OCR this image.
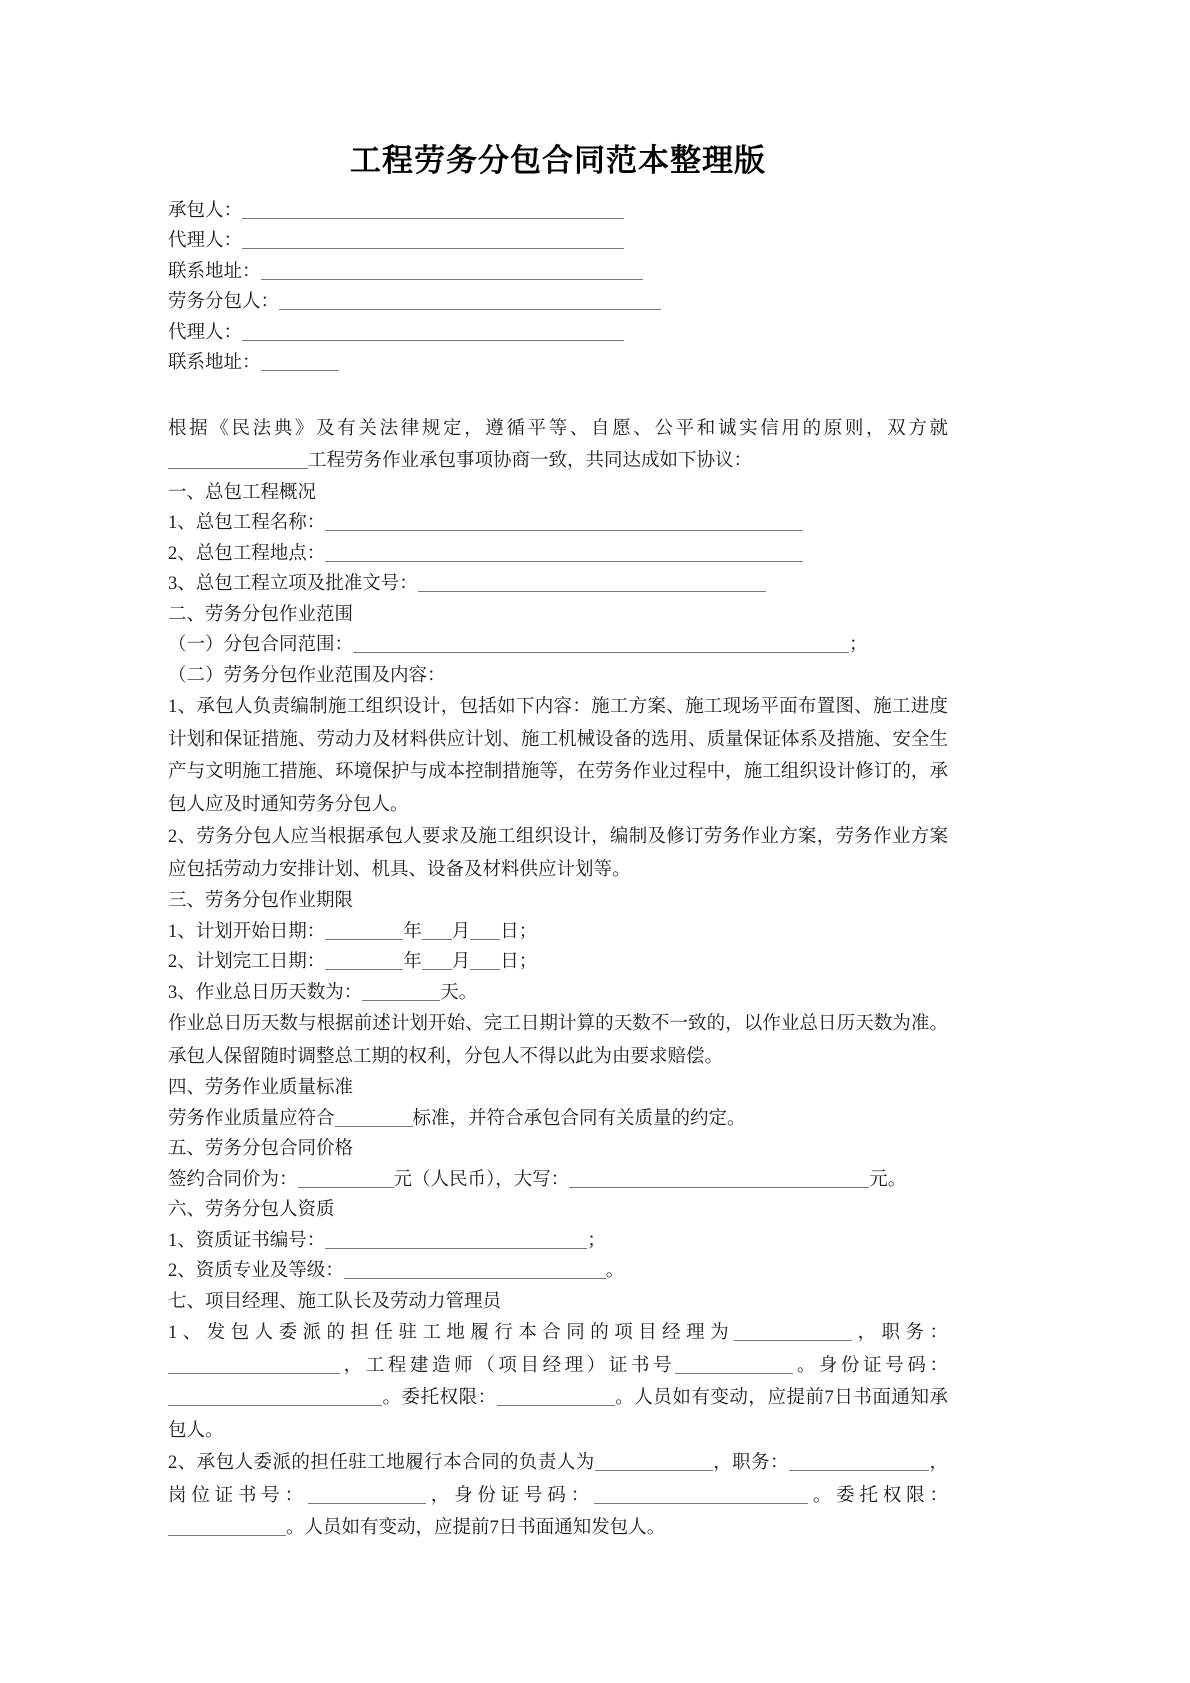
工程劳务分包合同范本整理版

承包人：

代理人：

联系地址：

劳务分包人：

代理人：

联系地址：

根据《民法典》及有关法律规定，遵循平等、自愿、公平和诚实信用的原则，双方就工程劳务作业承包事项协商一致，共同达成如下协议：

一、总包工程概况

1、总包工程名称：

2、总包工程地点：

3、总包工程立项及批准文号：

二、劳务分包作业范围

（一）分包合同范围：	；

（二）劳务分包作业范围及内容：

1、承包人负责编制施工组织设计，包括如下内容：施工方案、施工现场平面布置图、施工进度计划和保证措施、劳动力及材料供应计划、施工机械设备的选用、质量保证体系及措施、安全生产与文明施工措施、环境保护与成本控制措施等，在劳务作业过程中，施工组织设计修订的，承包人应及时通知劳务分包人。

2、劳务分包人应当根据承包人要求及施工组织设计，编制及修订劳务作业方案，劳务作业方案应包括劳动力安排计划、机具、设备及材料供应计划等。

三、劳务分包作业期限

1、计划开始日期：	年 月 日；

2、计划完工日期：	年 月 日；

3、作业总日历天数为：	天。

作业总日历天数与根据前述计划开始、完工日期计算的天数不一致的，以作业总日历天数为准。承包人保留随时调整总工期的权利，分包人不得以此为由要求赔偿。

四、劳务作业质量标准

劳务作业质量应符合	标准，并符合承包合同有关质量的约定。

五、劳务分包合同价格

签约合同价为：	元（人民币），大写：	元。

六、劳务分包人资质

1、资质证书编号：	；

2、资质专业及等级：	。

七、项目经理、施工队长及劳动力管理员

1、发包人委派的担任驻工地履行本合同的项目经理为	，职务：，工程建造师（项目经理）证书号	。身份证号码：。委托权限：	。人员如有变动，应提前7日书面通知承包人。

2、承包人委派的担任驻工地履行本合同的负责人为	，职务：	，岗位证书号：	，身份证号码：	。委托权限：。人员如有变动，应提前7日书面通知发包人。
